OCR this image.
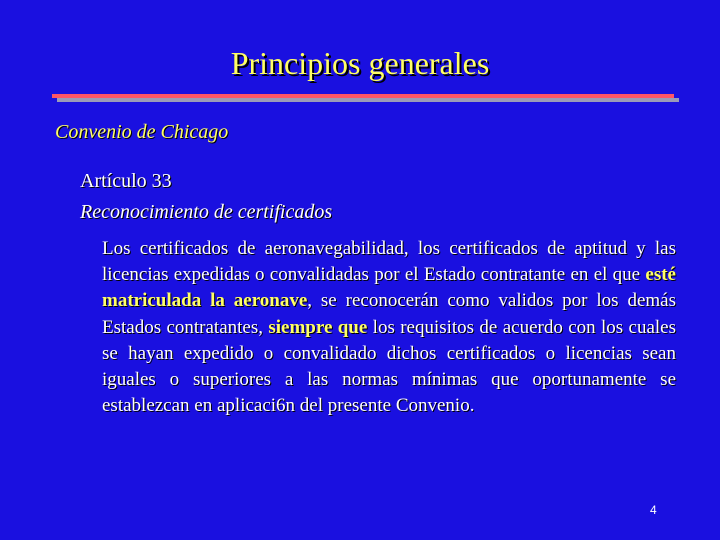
Principios generales
Convenio de Chicago
Artículo 33
Reconocimiento de certificados
Los certificados de aeronavegabilidad, los certificados de aptitud y las licencias expedidas o convalidadas por el Estado contratante en el que esté matriculada la aeronave, se reconocerán como validos por los demás Estados contratantes, siempre que los requisitos de acuerdo con los cuales se hayan expedido o convalidado dichos certificados o licencias sean iguales o superiores a las normas mínimas que oportunamente se establezcan en aplicaci6n del presente Convenio.
4
